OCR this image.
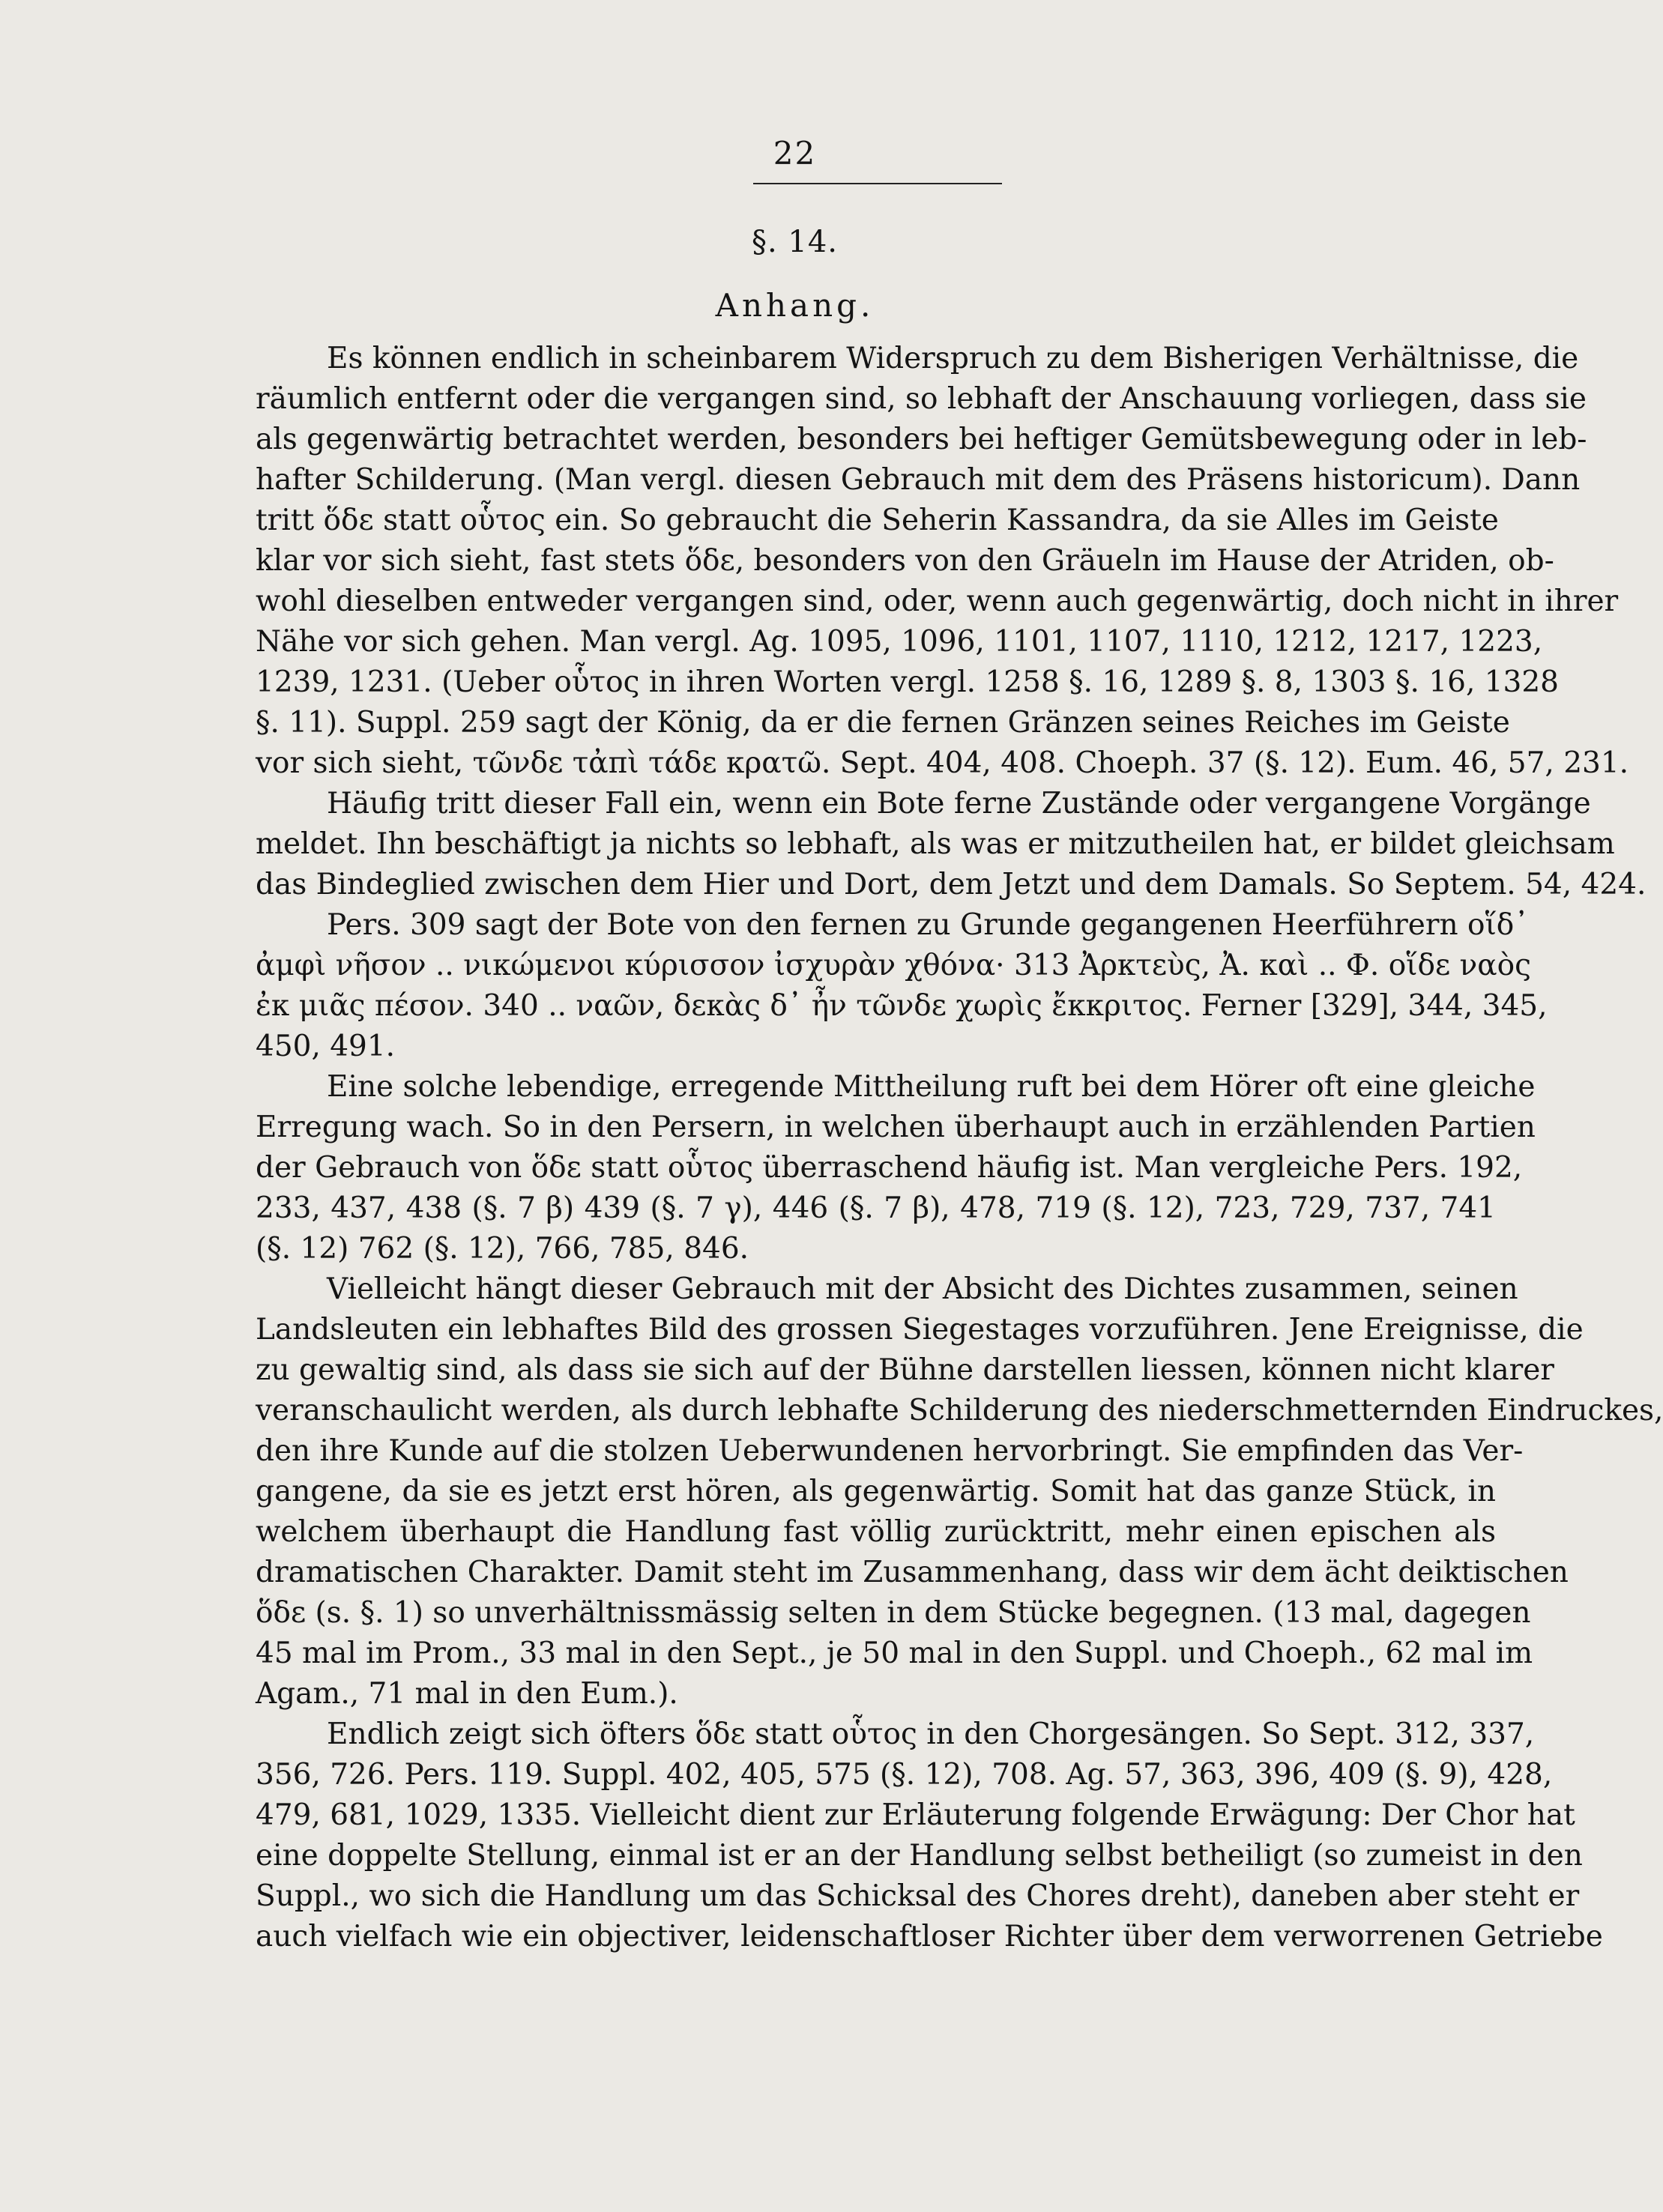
22
§. 14.
Anhang.
Es können endlich in scheinbarem Widerspruch zu dem Bisherigen Verhältnisse, die
räumlich entfernt oder die vergangen sind, so lebhaft der Anschauung vorliegen, dass sie
als gegenwärtig betrachtet werden, besonders bei heftiger Gemütsbewegung oder in leb-
hafter Schilderung. (Man vergl. diesen Gebrauch mit dem des Präsens historicum). Dann
tritt ὅδε statt οὗτος ein. So gebraucht die Seherin Kassandra, da sie Alles im Geiste
klar vor sich sieht, fast stets ὅδε, besonders von den Gräueln im Hause der Atriden, ob-
wohl dieselben entweder vergangen sind, oder, wenn auch gegenwärtig, doch nicht in ihrer
Nähe vor sich gehen. Man vergl. Ag. 1095, 1096, 1101, 1107, 1110, 1212, 1217, 1223,
1239, 1231. (Ueber οὗτος in ihren Worten vergl. 1258 §. 16, 1289 §. 8, 1303 §. 16, 1328
§. 11). Suppl. 259 sagt der König, da er die fernen Gränzen seines Reiches im Geiste
vor sich sieht, τῶνδε τἀπὶ τάδε κρατῶ. Sept. 404, 408. Choeph. 37 (§. 12). Eum. 46, 57, 231.
Häufig tritt dieser Fall ein, wenn ein Bote ferne Zustände oder vergangene Vorgänge
meldet. Ihn beschäftigt ja nichts so lebhaft, als was er mitzutheilen hat, er bildet gleichsam
das Bindeglied zwischen dem Hier und Dort, dem Jetzt und dem Damals. So Septem. 54, 424.
Pers. 309 sagt der Bote von den fernen zu Grunde gegangenen Heerführern οἵδ᾽
ἀμφὶ νῆσον .. νικώμενοι κύρισσον ἰσχυρὰν χθόνα· 313 Ἀρκτεὺς, Ἀ. καὶ .. Φ. οἵδε ναὸς
ἐκ μιᾶς πέσον. 340 .. ναῶν, δεκὰς δ᾽ ἦν τῶνδε χωρὶς ἔκκριτος. Ferner [329], 344, 345,
450, 491.
Eine solche lebendige, erregende Mittheilung ruft bei dem Hörer oft eine gleiche
Erregung wach. So in den Persern, in welchen überhaupt auch in erzählenden Partien
der Gebrauch von ὅδε statt οὗτος überraschend häufig ist. Man vergleiche Pers. 192,
233, 437, 438 (§. 7 β) 439 (§. 7 γ), 446 (§. 7 β), 478, 719 (§. 12), 723, 729, 737, 741
(§. 12) 762 (§. 12), 766, 785, 846.
Vielleicht hängt dieser Gebrauch mit der Absicht des Dichtes zusammen, seinen
Landsleuten ein lebhaftes Bild des grossen Siegestages vorzuführen. Jene Ereignisse, die
zu gewaltig sind, als dass sie sich auf der Bühne darstellen liessen, können nicht klarer
veranschaulicht werden, als durch lebhafte Schilderung des niederschmetternden Eindruckes,
den ihre Kunde auf die stolzen Ueberwundenen hervorbringt. Sie empfinden das Ver-
gangene, da sie es jetzt erst hören, als gegenwärtig. Somit hat das ganze Stück, in
welchem überhaupt die Handlung fast völlig zurücktritt, mehr einen epischen als
dramatischen Charakter. Damit steht im Zusammenhang, dass wir dem ächt deiktischen
ὅδε (s. §. 1) so unverhältnissmässig selten in dem Stücke begegnen. (13 mal, dagegen
45 mal im Prom., 33 mal in den Sept., je 50 mal in den Suppl. und Choeph., 62 mal im
Agam., 71 mal in den Eum.).
Endlich zeigt sich öfters ὅδε statt οὗτος in den Chorgesängen. So Sept. 312, 337,
356, 726. Pers. 119. Suppl. 402, 405, 575 (§. 12), 708. Ag. 57, 363, 396, 409 (§. 9), 428,
479, 681, 1029, 1335. Vielleicht dient zur Erläuterung folgende Erwägung: Der Chor hat
eine doppelte Stellung, einmal ist er an der Handlung selbst betheiligt (so zumeist in den
Suppl., wo sich die Handlung um das Schicksal des Chores dreht), daneben aber steht er
auch vielfach wie ein objectiver, leidenschaftloser Richter über dem verworrenen Getriebe
